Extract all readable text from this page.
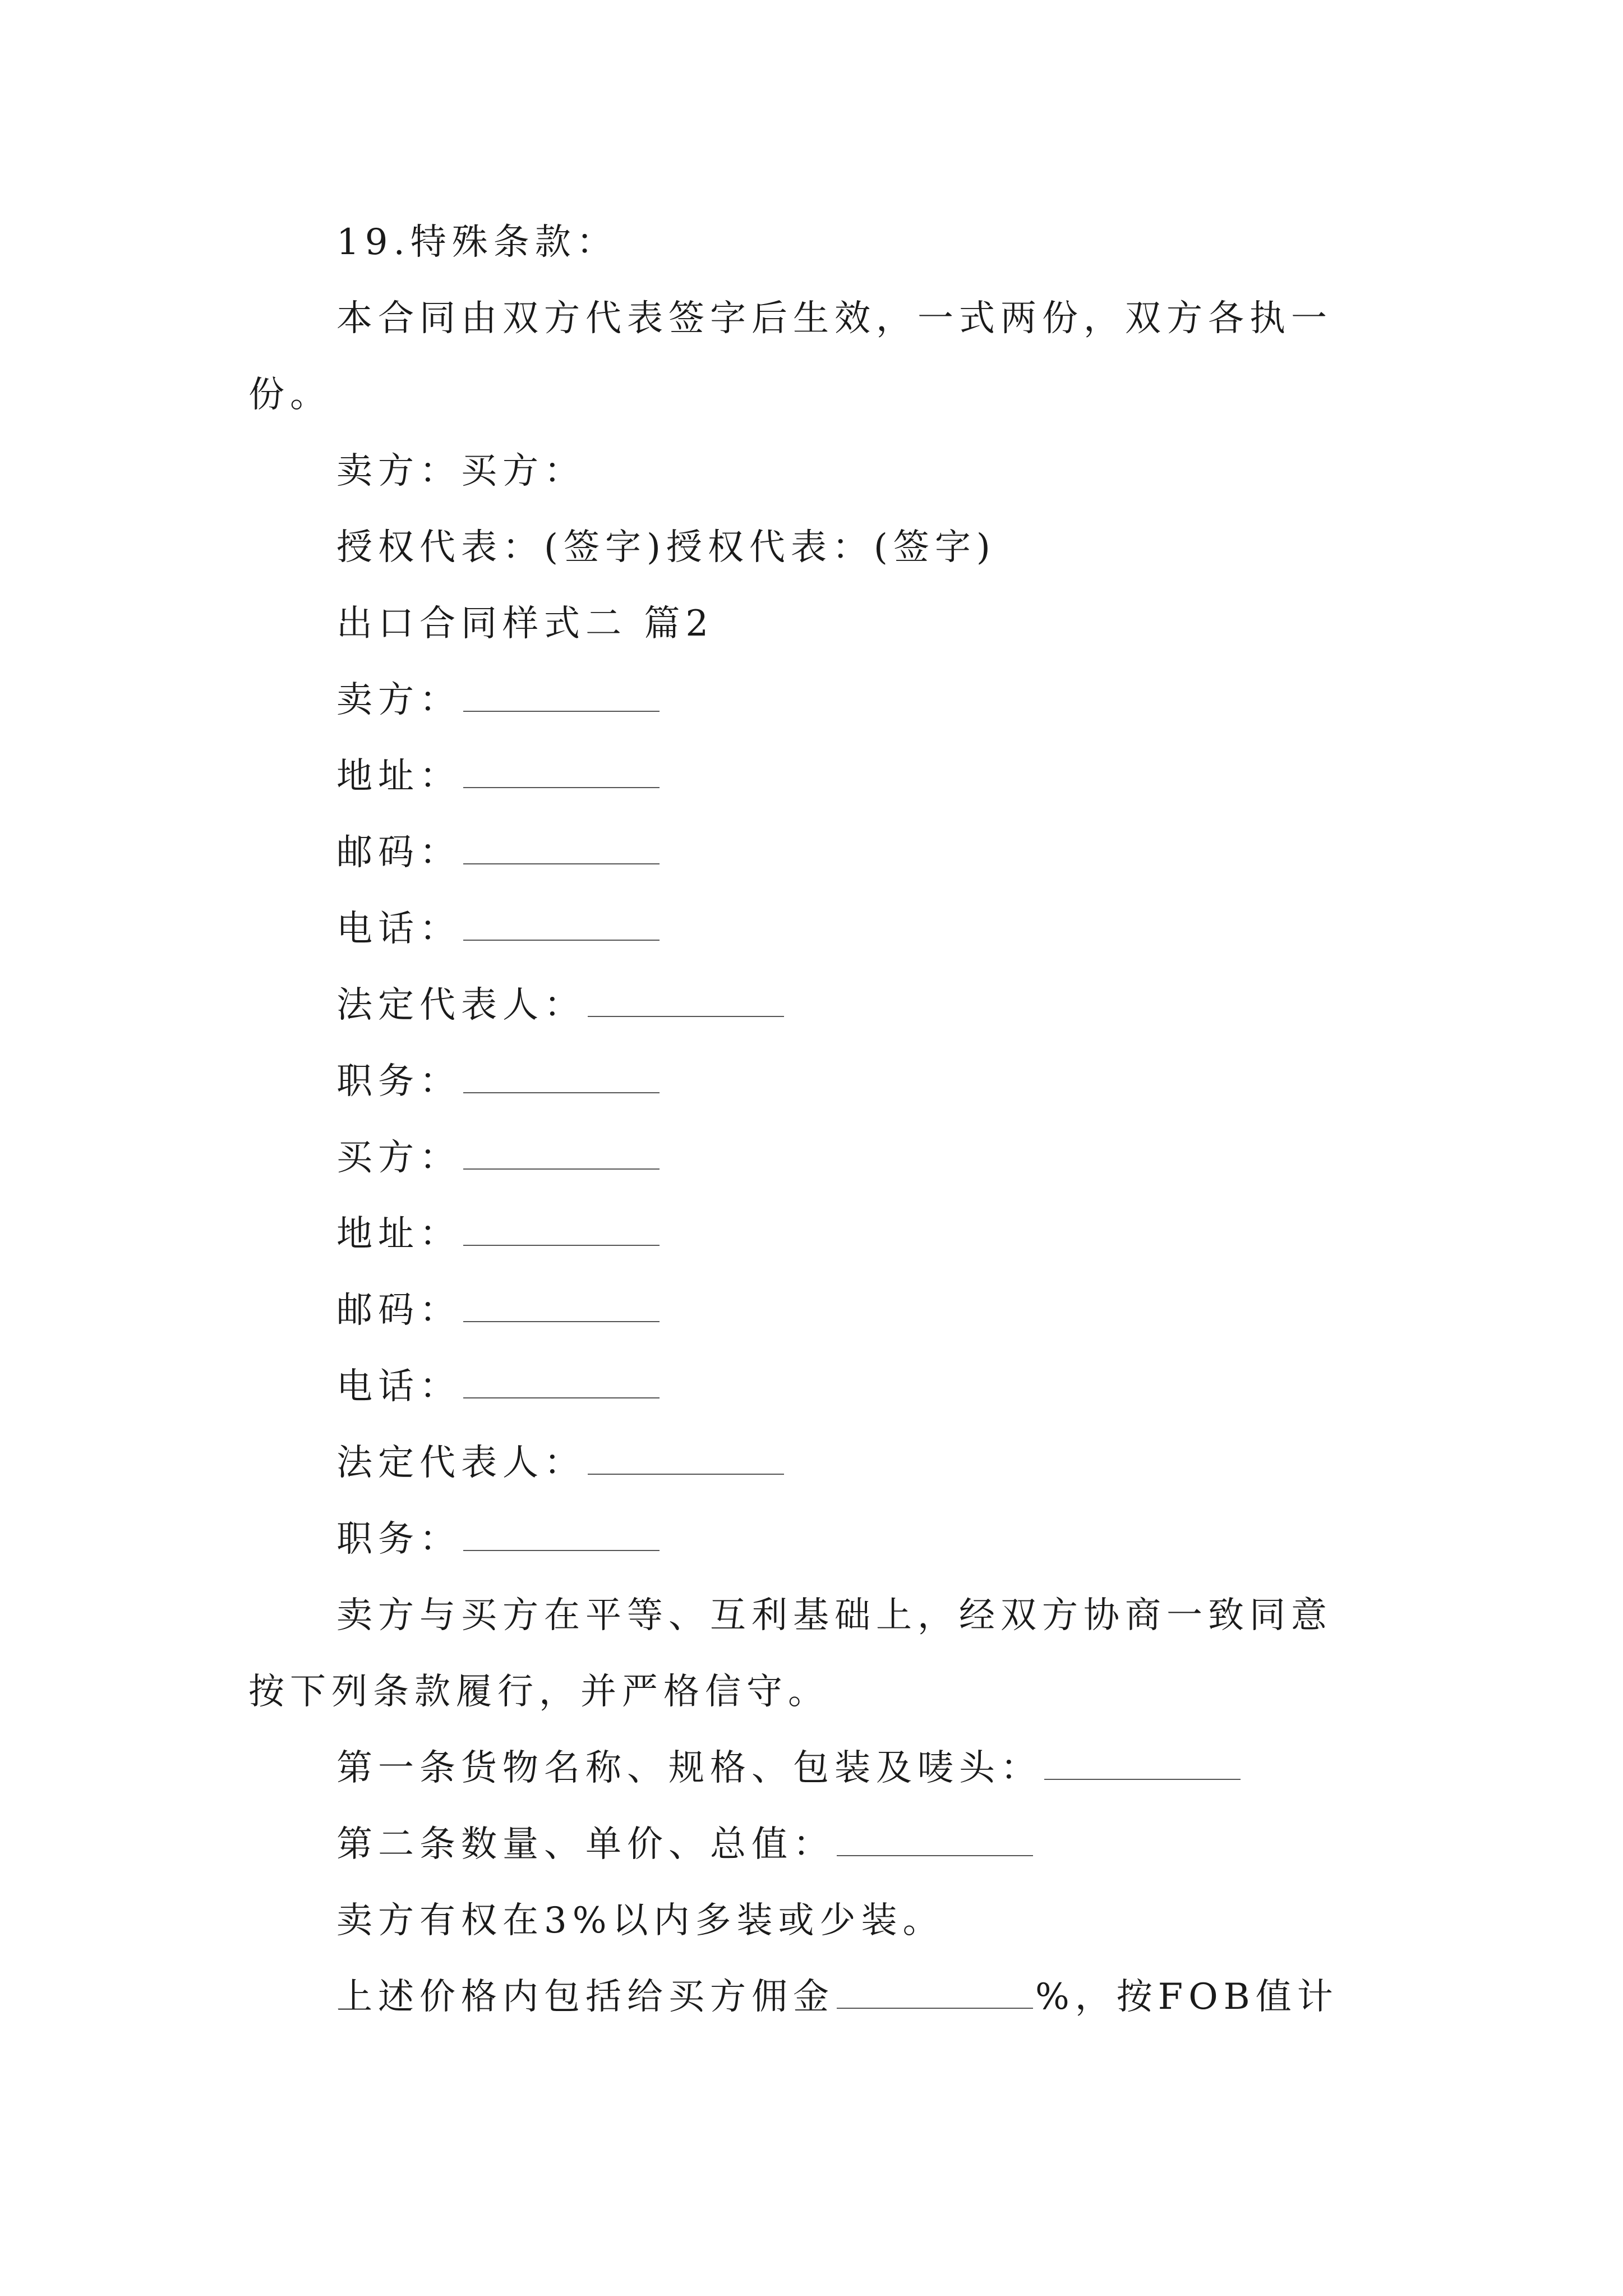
19.特殊条款：
本合同由双方代表签字后生效，一式两份，双方各执一
份。
卖方：买方：
授权代表：(签字)授权代表：(签字)
出口合同样式二 篇2
卖方：
地址：
邮码：
电话：
法定代表人：
职务：
买方：
地址：
邮码：
电话：
法定代表人：
职务：
卖方与买方在平等、互利基础上，经双方协商一致同意
按下列条款履行，并严格信守。
第一条货物名称、规格、包装及唛头：
第二条数量、单价、总值：
卖方有权在3%以内多装或少装。
上述价格内包括给买方佣金	%，按FOB值计
